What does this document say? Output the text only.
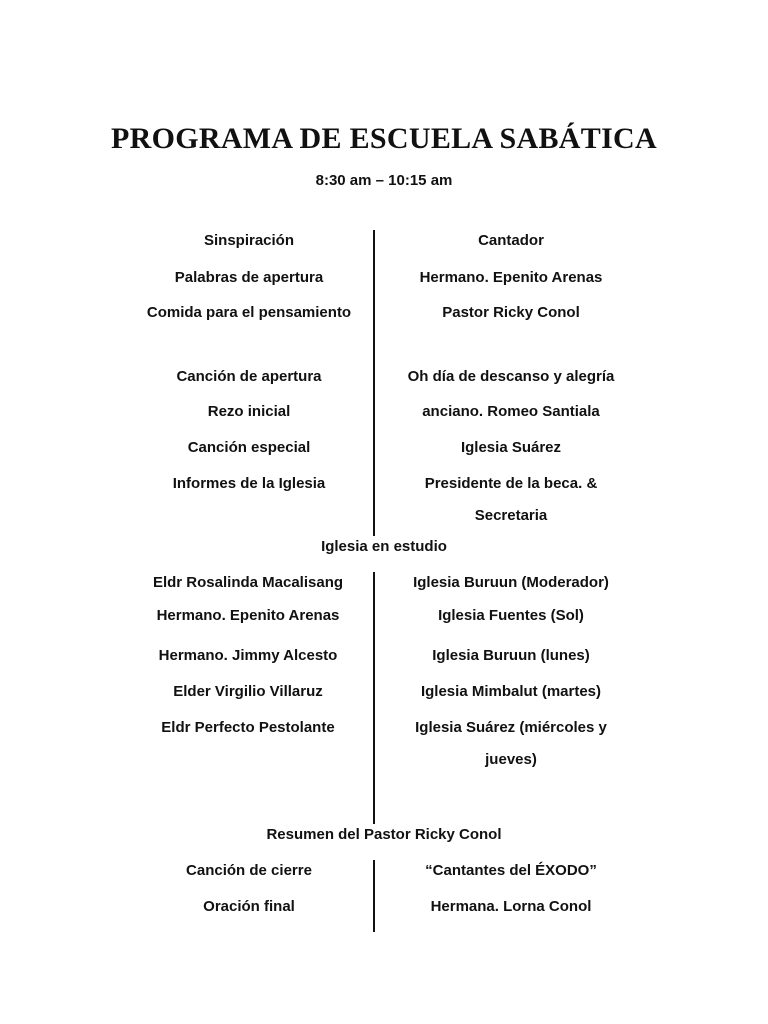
PROGRAMA DE ESCUELA SABÁTICA
8:30 am – 10:15 am
Sinspiración	Cantador
Palabras de apertura	Hermano. Epenito Arenas
Comida para el pensamiento	Pastor Ricky Conol
Canción de apertura	Oh día de descanso y alegría
Rezo inicial	anciano. Romeo Santiala
Canción especial	Iglesia Suárez
Informes de la Iglesia	Presidente de la beca. & Secretaria
Iglesia en estudio
Eldr Rosalinda Macalisang	Iglesia Buruun (Moderador)
Hermano. Epenito Arenas	Iglesia Fuentes (Sol)
Hermano. Jimmy Alcesto	Iglesia Buruun (lunes)
Elder Virgilio Villaruz	Iglesia Mimbalut (martes)
Eldr Perfecto Pestolante	Iglesia Suárez (miércoles y jueves)
Resumen del Pastor Ricky Conol
Canción de cierre	“Cantantes del ÉXODO”
Oración final	Hermana. Lorna Conol
